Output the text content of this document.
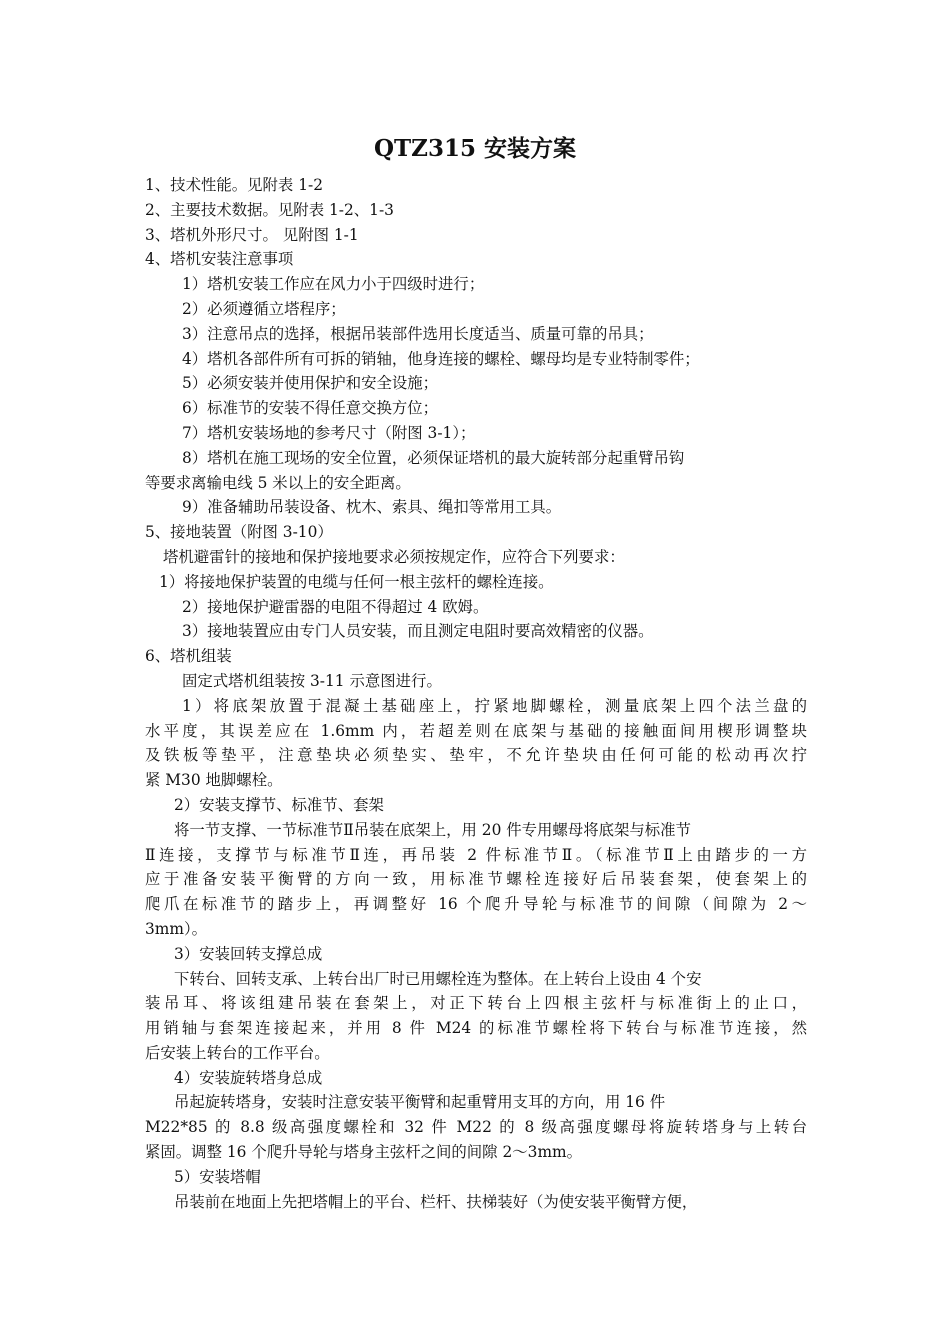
QTZ315 安装方案
1、技术性能。见附表 1-2
2、主要技术数据。见附表 1-2、1-3
3、塔机外形尺寸。 见附图 1-1
4、塔机安装注意事项
1）塔机安装工作应在风力小于四级时进行；
2）必须遵循立塔程序；
3）注意吊点的选择，根据吊装部件选用长度适当、质量可靠的吊具；
4）塔机各部件所有可拆的销轴，他身连接的螺栓、螺母均是专业特制零件；
5）必须安装并使用保护和安全设施；
6）标准节的安装不得任意交换方位；
7）塔机安装场地的参考尺寸（附图 3-1）；
8）塔机在施工现场的安全位置，必须保证塔机的最大旋转部分起重臂吊钩
等要求离输电线 5 米以上的安全距离。
9）准备辅助吊装设备、枕木、索具、绳扣等常用工具。
5、接地装置（附图 3-10）
塔机避雷针的接地和保护接地要求必须按规定作，应符合下列要求：
1）将接地保护装置的电缆与任何一根主弦杆的螺栓连接。
2）接地保护避雷器的电阻不得超过 4 欧姆。
3）接地装置应由专门人员安装，而且测定电阻时要高效精密的仪器。
6、塔机组装
固定式塔机组装按 3-11 示意图进行。
1）将底架放置于混凝土基础座上，拧紧地脚螺栓，测量底架上四个法兰盘的
水平度，其误差应在 1.6mm 内，若超差则在底架与基础的接触面间用楔形调整块
及铁板等垫平，注意垫块必须垫实、垫牢，不允许垫块由任何可能的松动再次拧
紧 M30 地脚螺栓。
2）安装支撑节、标准节、套架
将一节支撑、一节标准节Ⅱ吊装在底架上，用 20 件专用螺母将底架与标准节
Ⅱ连接，支撑节与标准节Ⅱ连，再吊装 2 件标准节Ⅱ。（标准节Ⅱ上由踏步的一方
应于准备安装平衡臂的方向一致，用标准节螺栓连接好后吊装套架，使套架上的
爬爪在标准节的踏步上，再调整好 16 个爬升导轮与标准节的间隙（间隙为 2～
3mm）。
3）安装回转支撑总成
下转台、回转支承、上转台出厂时已用螺栓连为整体。在上转台上设由 4 个安
装吊耳、将该组建吊装在套架上，对正下转台上四根主弦杆与标准街上的止口，
用销轴与套架连接起来，并用 8 件 M24 的标准节螺栓将下转台与标准节连接，然
后安装上转台的工作平台。
4）安装旋转塔身总成
吊起旋转塔身，安装时注意安装平衡臂和起重臂用支耳的方向，用 16 件
M22*85 的 8.8 级高强度螺栓和 32 件 M22 的 8 级高强度螺母将旋转塔身与上转台
紧固。调整 16 个爬升导轮与塔身主弦杆之间的间隙 2～3mm。
5）安装塔帽
吊装前在地面上先把塔帽上的平台、栏杆、扶梯装好（为使安装平衡臂方便，
